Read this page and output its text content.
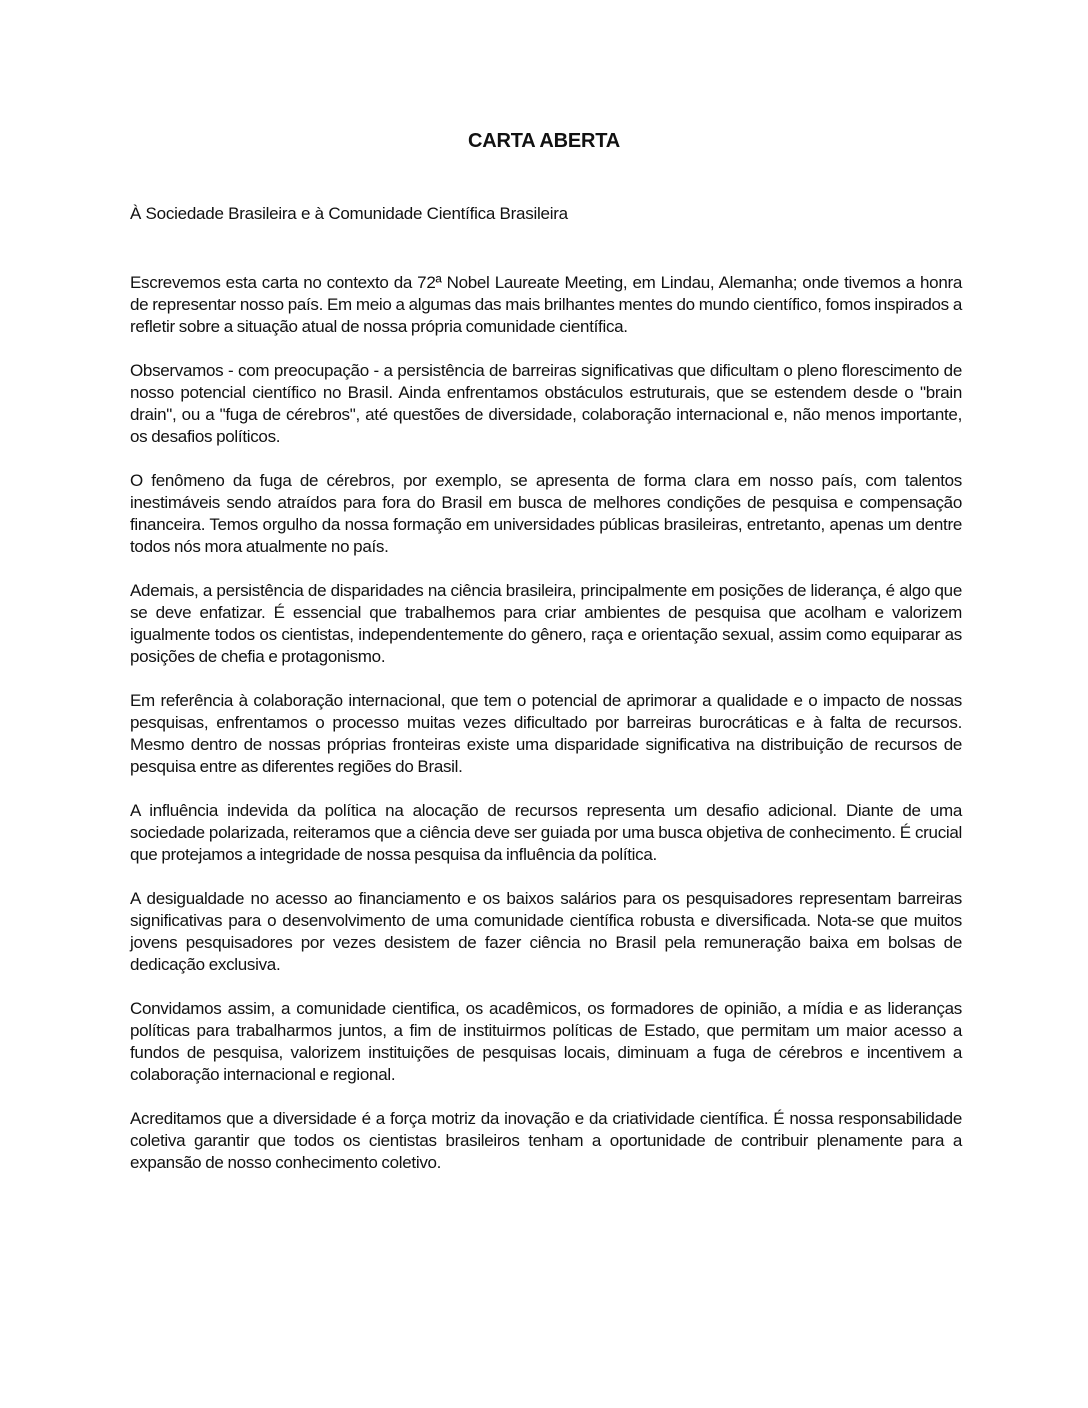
CARTA ABERTA
À Sociedade Brasileira e à Comunidade Científica Brasileira

Escrevemos esta carta no contexto da 72ª Nobel Laureate Meeting, em Lindau, Alemanha; onde tivemos a honra de representar nosso país. Em meio a algumas das mais brilhantes mentes do mundo científico, fomos inspirados a refletir sobre a situação atual de nossa própria comunidade científica.

Observamos - com preocupação - a persistência de barreiras significativas que dificultam o pleno florescimento de nosso potencial científico no Brasil. Ainda enfrentamos obstáculos estruturais, que se estendem desde o "brain drain", ou a "fuga de cérebros", até questões de diversidade, colaboração internacional e, não menos importante, os desafios políticos.

O fenômeno da fuga de cérebros, por exemplo, se apresenta de forma clara em nosso país, com talentos inestimáveis sendo atraídos para fora do Brasil em busca de melhores condições de pesquisa e compensação financeira. Temos orgulho da nossa formação em universidades públicas brasileiras, entretanto, apenas um dentre todos nós mora atualmente no país.

Ademais, a persistência de disparidades na ciência brasileira, principalmente em posições de liderança, é algo que se deve enfatizar. É essencial que trabalhemos para criar ambientes de pesquisa que acolham e valorizem igualmente todos os cientistas, independentemente do gênero, raça e orientação sexual, assim como equiparar as posições de chefia e protagonismo.

Em referência à colaboração internacional, que tem o potencial de aprimorar a qualidade e o impacto de nossas pesquisas, enfrentamos o processo muitas vezes dificultado por barreiras burocráticas e à falta de recursos. Mesmo dentro de nossas próprias fronteiras existe uma disparidade significativa na distribuição de recursos de pesquisa entre as diferentes regiões do Brasil.

A influência indevida da política na alocação de recursos representa um desafio adicional. Diante de uma sociedade polarizada, reiteramos que a ciência deve ser guiada por uma busca objetiva de conhecimento. É crucial que protejamos a integridade de nossa pesquisa da influência da política.

A desigualdade no acesso ao financiamento e os baixos salários para os pesquisadores representam barreiras significativas para o desenvolvimento de uma comunidade científica robusta e diversificada. Nota-se que muitos jovens pesquisadores por vezes desistem de fazer ciência no Brasil pela remuneração baixa em bolsas de dedicação exclusiva.

Convidamos assim, a comunidade cientifica, os acadêmicos, os formadores de opinião, a mídia e as lideranças políticas para trabalharmos juntos, a fim de instituirmos políticas de Estado, que permitam um maior acesso a fundos de pesquisa, valorizem instituições de pesquisas locais, diminuam a fuga de cérebros e incentivem a colaboração internacional e regional.

Acreditamos que a diversidade é a força motriz da inovação e da criatividade científica. É nossa responsabilidade coletiva garantir que todos os cientistas brasileiros tenham a oportunidade de contribuir plenamente para a expansão de nosso conhecimento coletivo.
